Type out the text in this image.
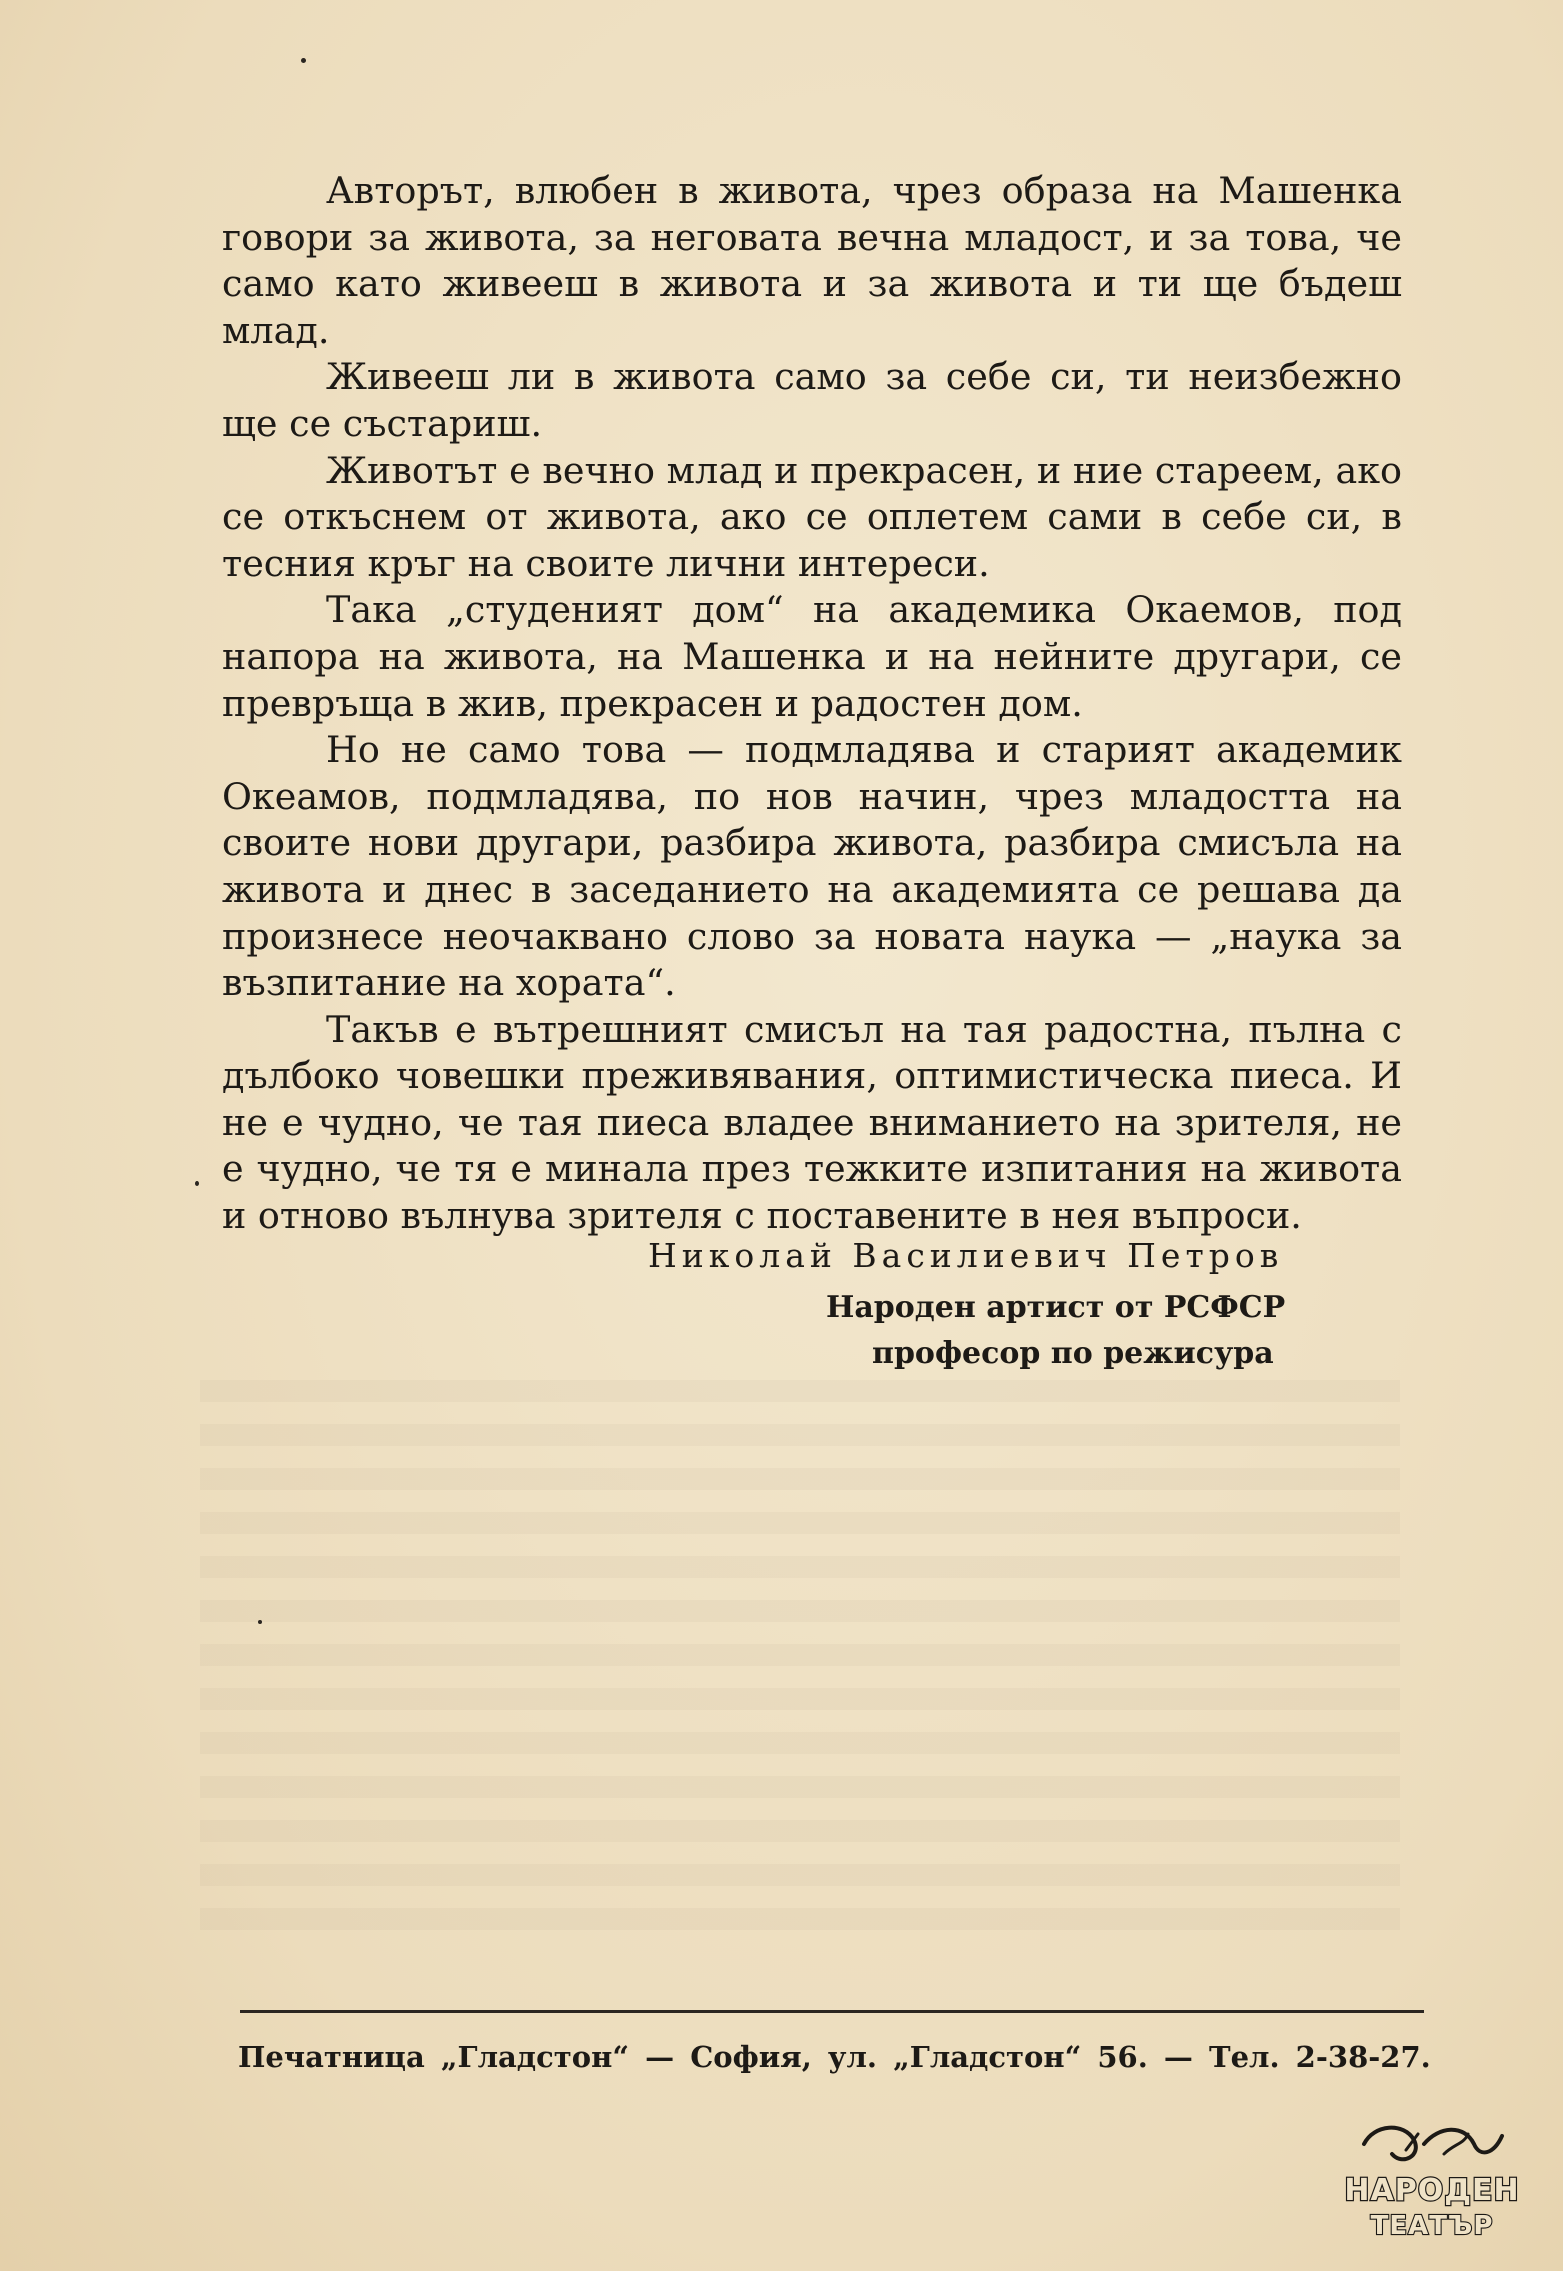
Авторът, влюбен в живота, чрез образа на Машенка говори за живота, за неговата вечна младост, и за това, че само като живееш в живота и за живота и ти ще бъдеш млад.

Живееш ли в живота само за себе си, ти неизбежно ще се състариш.

Животът е вечно млад и прекрасен, и ние стареем, ако се откъснем от живота, ако се оплетем сами в себе си, в тесния кръг на своите лични интереси.

Така „студеният дом“ на академика Окаемов, под напора на живота, на Машенка и на нейните другари, се превръща в жив, прекрасен и радостен дом.

Но не само това — подмладява и старият академик Океамов, подмладява, по нов начин, чрез младостта на своите нови другари, разбира живота, разбира смисъла на живота и днес в заседанието на академията се решава да произнесе неочаквано слово за новата наука — „наука за възпитание на хората“.

Такъв е вътрешният смисъл на тая радостна, пълна с дълбоко човешки преживявания, оптимистическа пиеса. И не е чудно, че тая пиеса владее вниманието на зрителя, не е чудно, че тя е минала през тежките изпитания на живота и отново вълнува зрителя с поставените в нея въпроси.

Николай Василиевич Петров
Народен артист от РСФСР
професор по режисура
Печатница „Гладстон“ — София, ул. „Гладстон“ 56. — Тел. 2-38-27.
НАРОДЕН
ТЕАТЪР
